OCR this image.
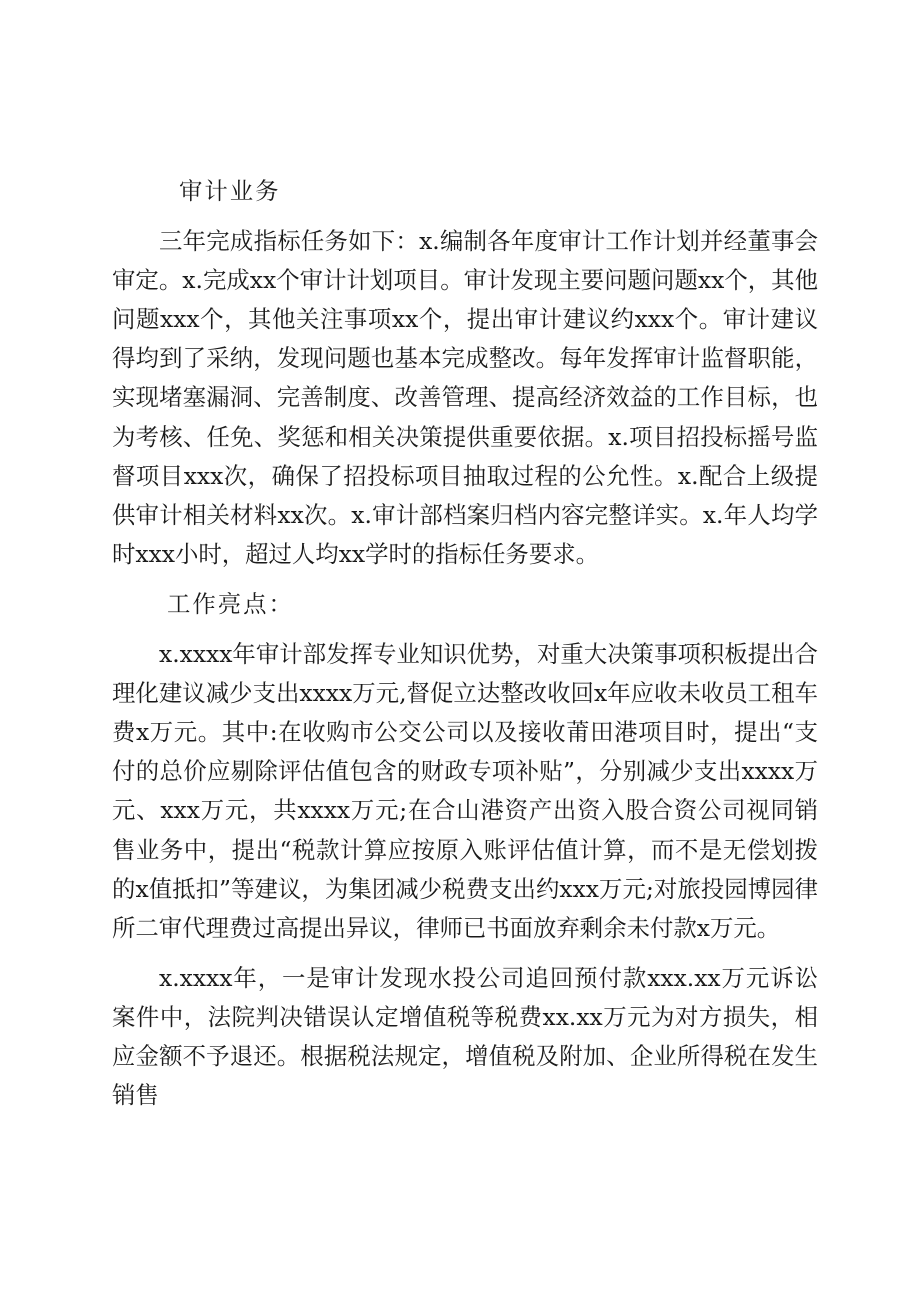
审计业务

三年完成指标任务如下：x.编制各年度审计工作计划并经董事会审定。x.完成xx个审计计划项目。审计发现主要问题问题xx个，其他问题xxx个，其他关注事项xx个，提出审计建议约xxx个。审计建议得均到了采纳，发现问题也基本完成整改。每年发挥审计监督职能，实现堵塞漏洞、完善制度、改善管理、提高经济效益的工作目标，也为考核、任免、奖惩和相关决策提供重要依据。x.项目招投标摇号监督项目xxx次，确保了招投标项目抽取过程的公允性。x.配合上级提供审计相关材料xx次。x.审计部档案归档内容完整详实。x.年人均学时xxx小时，超过人均xx学时的指标任务要求。

工作亮点：

x.xxxx年审计部发挥专业知识优势，对重大决策事项积板提出合理化建议减少支出xxxx万元,督促立达整改收回x年应收未收员工租车费x万元。其中:在收购市公交公司以及接收莆田港项目时，提出“支付的总价应剔除评估值包含的财政专项补贴”，分别减少支出xxxx万元、xxx万元，共xxxx万元;在合山港资产出资入股合资公司视同销售业务中，提出“税款计算应按原入账评估值计算，而不是无偿划拨的x值抵扣”等建议，为集团减少税费支出约xxx万元;对旅投园博园律所二审代理费过高提出异议，律师已书面放弃剩余未付款x万元。

x.xxxx年，一是审计发现水投公司追回预付款xxx.xx万元诉讼案件中，法院判决错误认定增值税等税费xx.xx万元为对方损失，相应金额不予退还。根据税法规定，增值税及附加、企业所得税在发生销售
